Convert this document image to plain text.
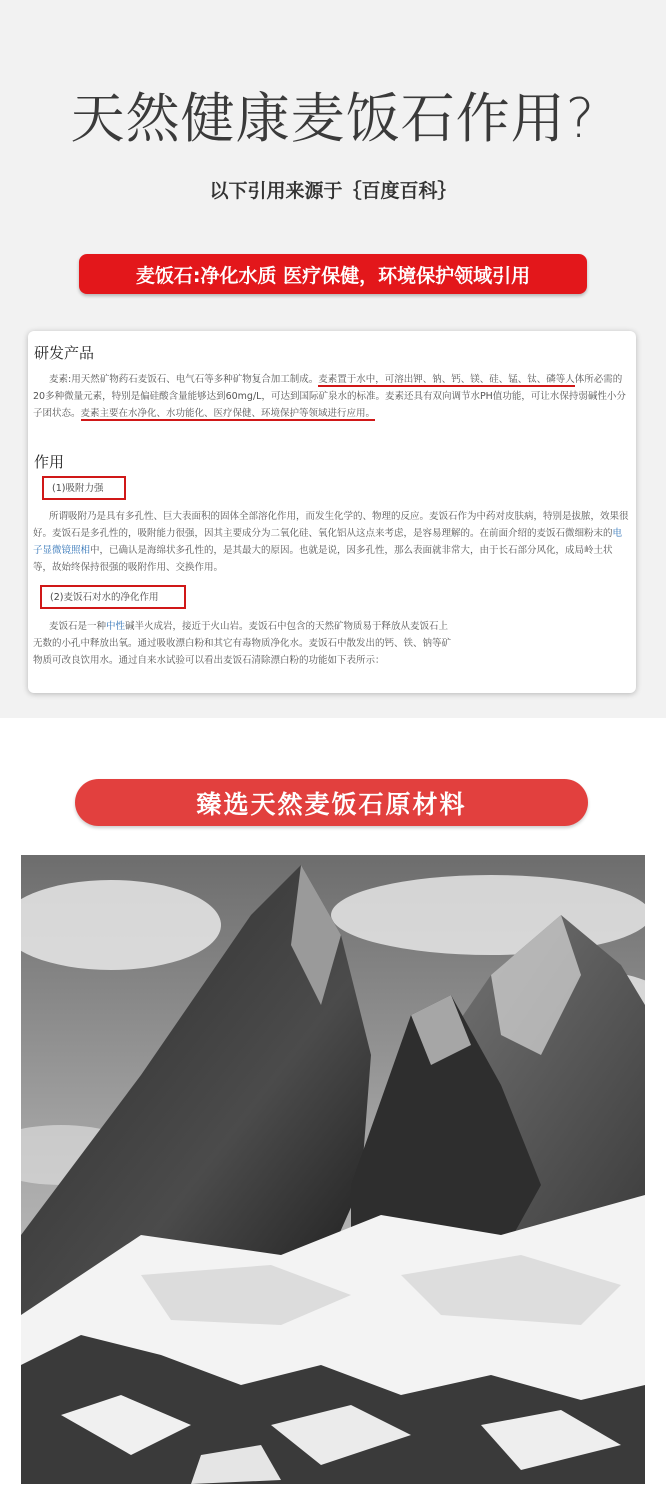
天然健康麦饭石作用?
以下引用来源于｛百度百科｝
麦饭石:净化水质 医疗保健，环境保护领域引用
研发产品

麦素:用天然矿物药石麦饭石、电气石等多种矿物复合加工制成。麦素置于水中，可溶出钾、钠、钙、镁、硅、锰、钛、磷等人体所必需的20多种微量元素，特别是偏硅酸含量能够达到60mg/L，可达到国际矿泉水的标准。麦素还具有双向调节水PH值功能，可让水保持弱碱性小分子团状态。麦素主要在水净化、水功能化、医疗保健、环境保护等领域进行应用。

作用
(1)吸附力强

所谓吸附乃是具有多孔性、巨大表面积的固体全部溶化作用，而发生化学的、物理的反应。麦饭石作为中药对皮肤病，特别是拔脓，效果很好。麦饭石是多孔性的，吸附能力很强，因其主要成分为二氧化硅、氧化铝从这点来考虑，是容易理解的。在前面介绍的麦饭石微细粉末的电子显微镜照相中，已确认是海绵状多孔性的，是其最大的原因。也就是说，因多孔性，那么表面就非常大，由于长石部分风化，成局岭土状等，故始终保持很强的吸附作用、交换作用。

(2)麦饭石对水的净化作用

麦饭石是一种中性碱半火成岩，接近于火山岩。麦饭石中包含的天然矿物质易于释放从麦饭石上无数的小孔中释放出氧。通过吸收漂白粉和其它有毒物质净化水。麦饭石中散发出的钙、铁、钠等矿物质可改良饮用水。通过自来水试验可以看出麦饭石清除漂白粉的功能如下表所示：

臻选天然麦饭石原材料
